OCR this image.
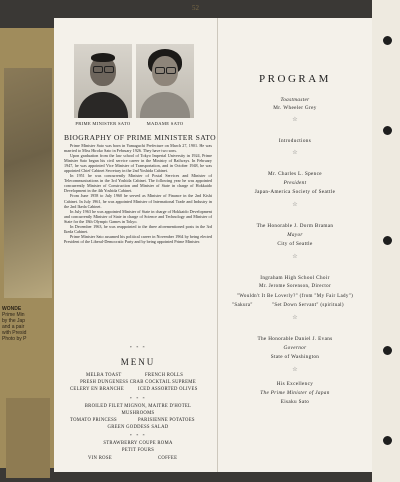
WONDE
Prime Min
by the Jap
and a pair
with Presid
Photo by P
52
PRIME MINISTER SATO	MADAME SATO
BIOGRAPHY OF PRIME MINISTER SATO

Prime Minister Sato was born in Yamaguchi Prefecture on March 27, 1901. He was married to Miss Hiroko Sato in February 1926. They have two sons.

Upon graduation from the law school of Tokyo Imperial University in 1924, Prime Minister Sato began his civil service career in the Ministry of Railways. In February 1947, he was appointed Vice Minister of Transportation, and in October 1948, he was appointed Chief Cabinet Secretary in the 2nd Yoshida Cabinet.

In 1951 he was concurrently Minister of Postal Services and Minister of Telecommunications in the 3rd Yoshida Cabinet. The following year he was appointed concurrently Minister of Construction and Minister of State in charge of Hokkaido Development in the 4th Yoshida Cabinet.

From June 1958 to July 1960 he served as Minister of Finance in the 2nd Kishi Cabinet. In July 1961, he was appointed Minister of International Trade and Industry in the 2nd Ikeda Cabinet.

In July 1963 he was appointed Minister of State in charge of Hokkaido Development and concurrently Minister of State in charge of Science and Technology and Minister of State for the 18th Olympic Games in Tokyo.

In December 1963, he was reappointed to the three aforementioned posts in the 3rd Ikeda Cabinet.

Prime Minister Sato assumed his political career in November 1964 by being elected President of the Liberal-Democratic Party and by being appointed Prime Minister.

* * *
MENU
MELBA TOAST	FRENCH ROLLS
PRESH DUNGENESS CRAB COCKTAIL SUPREME
CELERY EN BRANCHE	ICED ASSORTED OLIVES
* * *
BROILED FILET MIGNON, MAITRE D'HOTEL
MUSHROOMS
TOMATO PRINCESS	PARISIENNE POTATOES
GREEN GODDESS SALAD
* * *
STRAWBERRY COUPE ROMA
PETIT FOURS
VIN ROSE	COFFEE
PROGRAM
Toastmaster
Mr. Wheeler Grey
☆
Introductions
☆
Mr. Charles L. Spence
President
Japan-America Society of Seattle
☆
The Honorable J. Dorm Braman
Mayor
City of Seattle
☆
Ingraham High School Choir
Mr. Jerome Sorenson, Director
"Wouldn't It Be Loverly?" (from "My Fair Lady")
"Sakura"	"Set Down Servant" (spiritual)
☆
The Honorable Daniel J. Evans
Governor
State of Washington
☆
His Excellency
The Prime Minister of Japan
Eisaku Sato
